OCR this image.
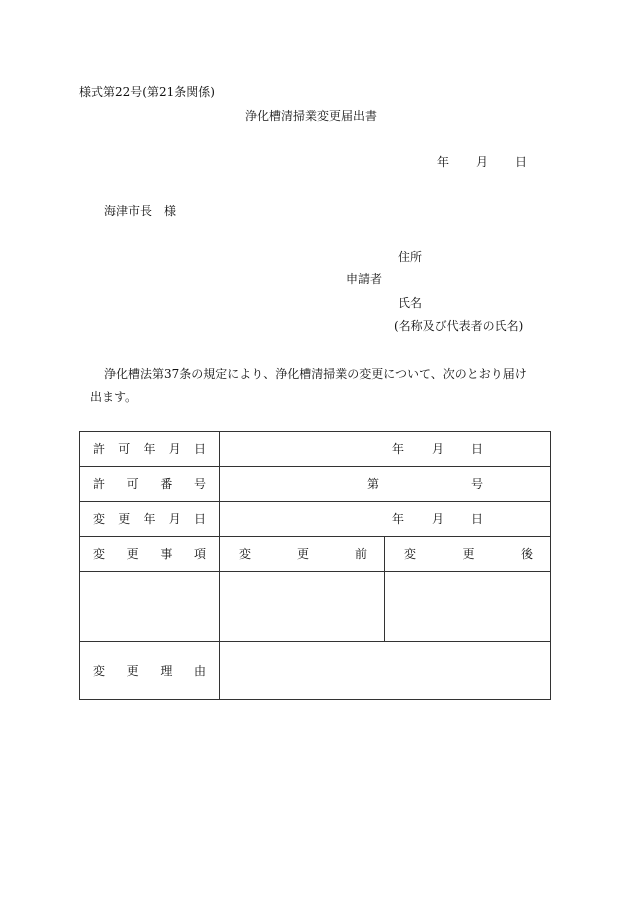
様式第22号(第21条関係)
浄化槽清掃業変更届出書
年 月 日
海津市長　様
住所
申請者
氏名
(名称及び代表者の氏名)
浄化槽法第37条の規定により、浄化槽清掃業の変更について、次のとおり届け
出ます。
許 可 年 月 日	年 月 日	

許 可 番 号	第 号	

変 更 年 月 日	年 月 日	

変 更 事 項	変 更 前	変 更 後

変 更 理 由		
